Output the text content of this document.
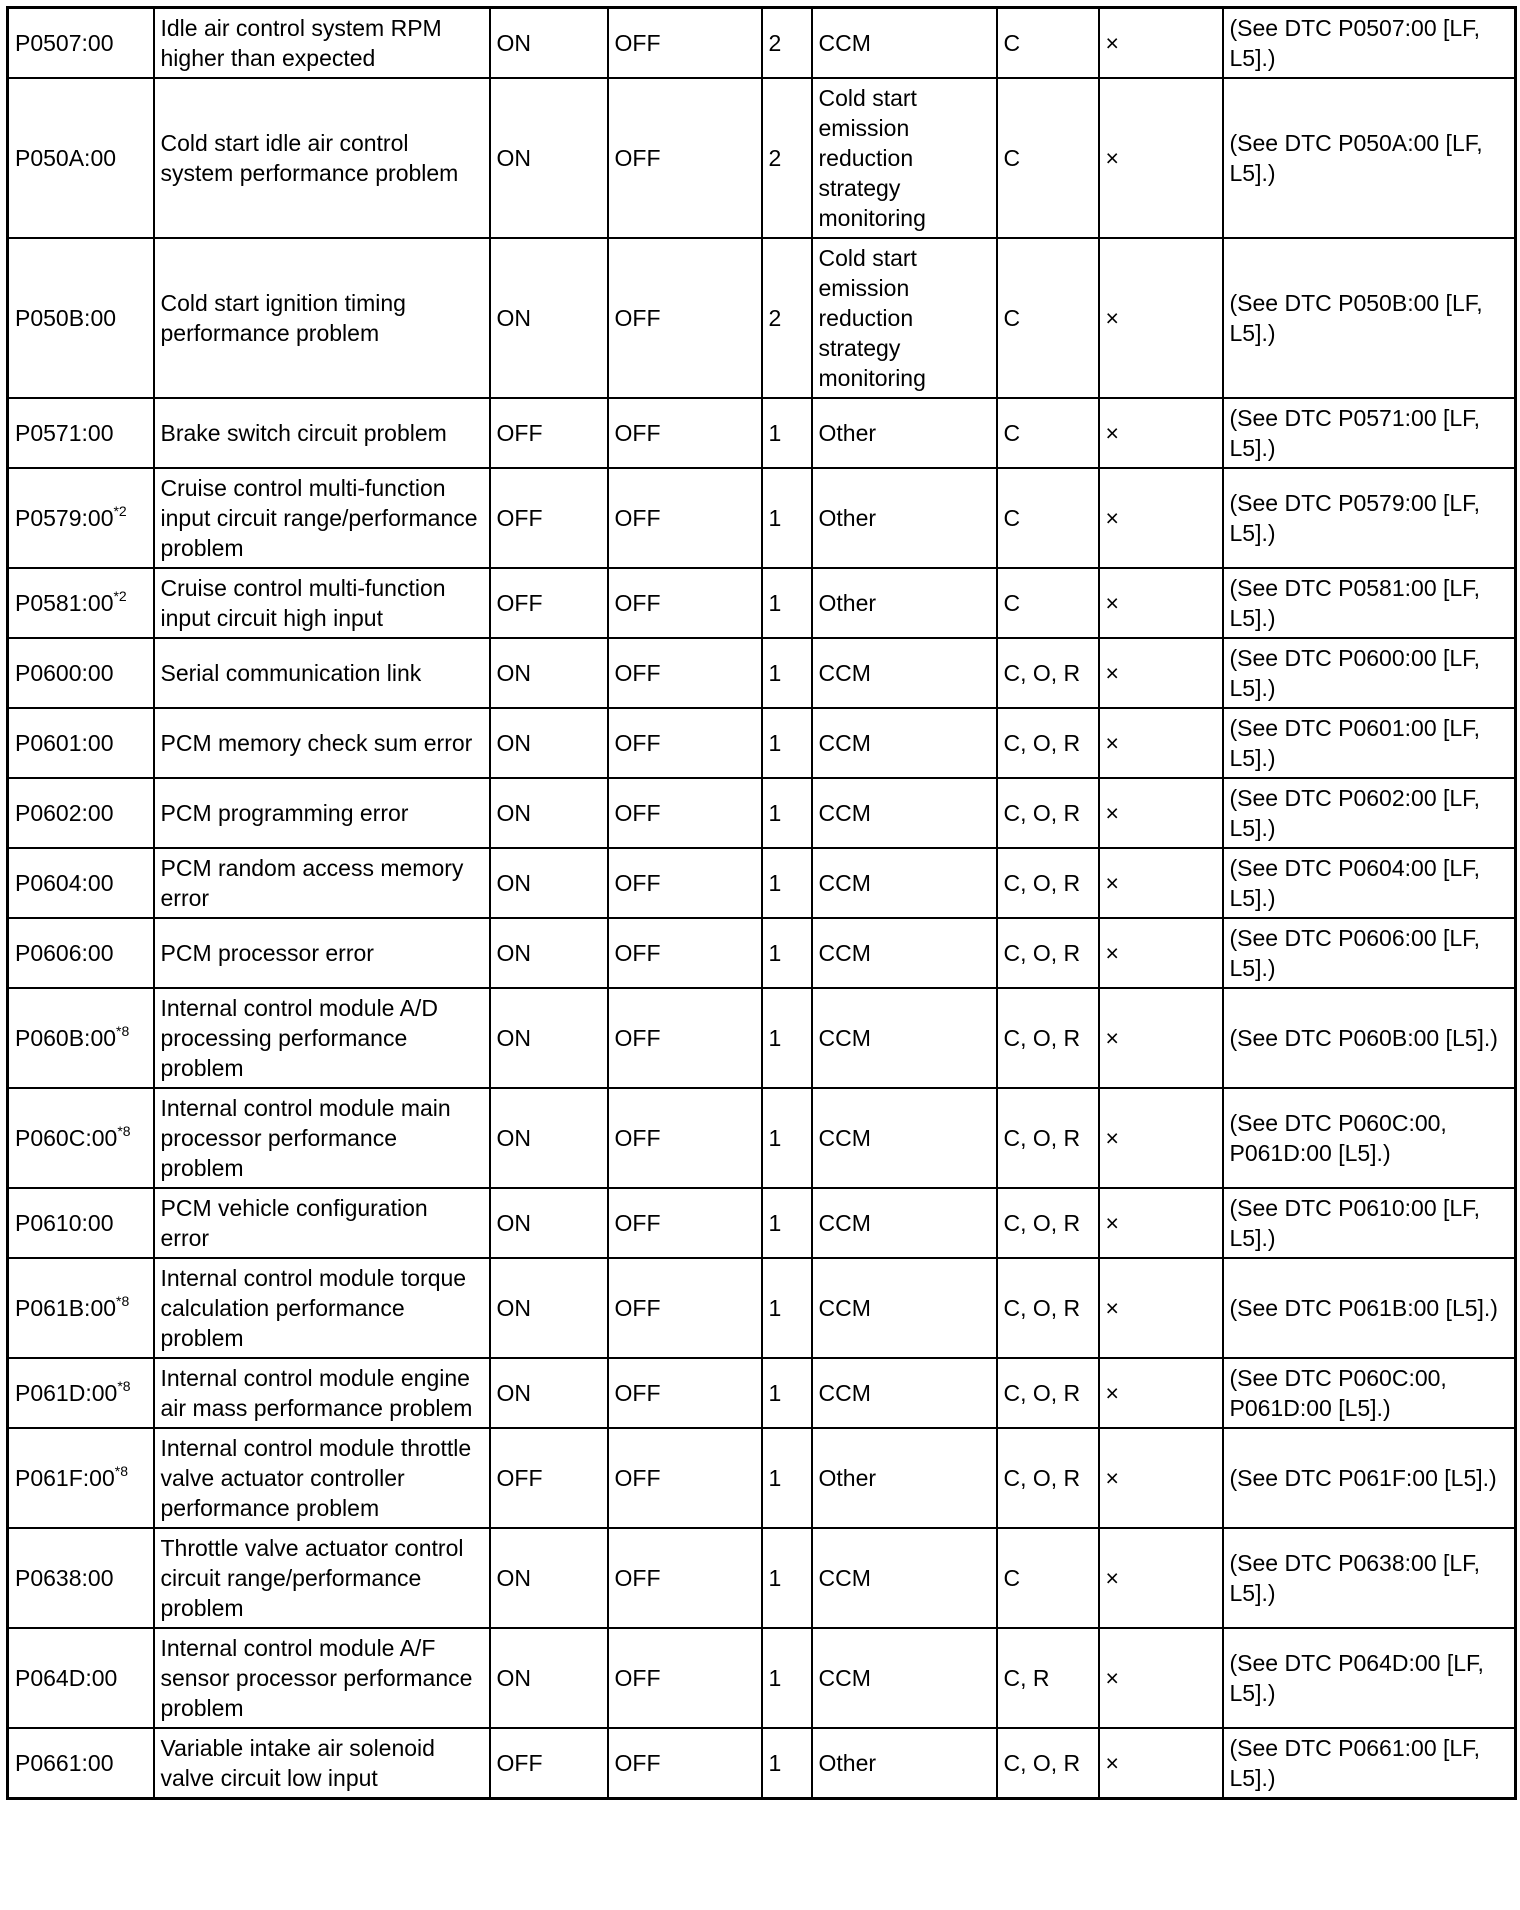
P0507:00	Idle air control system RPM higher than expected	ON	OFF	2	CCM	C	×	(See DTC P0507:00 [LF, L5].)
P050A:00	Cold start idle air control system performance problem	ON	OFF	2	Cold start emission reduction strategy monitoring	C	×	(See DTC P050A:00 [LF, L5].)
P050B:00	Cold start ignition timing performance problem	ON	OFF	2	Cold start emission reduction strategy monitoring	C	×	(See DTC P050B:00 [LF, L5].)
P0571:00	Brake switch circuit problem	OFF	OFF	1	Other	C	×	(See DTC P0571:00 [LF, L5].)
P0579:00$^{*2}$	Cruise control multi-function input circuit range/performance problem	OFF	OFF	1	Other	C	×	(See DTC P0579:00 [LF, L5].)
P0581:00$^{*2}$	Cruise control multi-function input circuit high input	OFF	OFF	1	Other	C	×	(See DTC P0581:00 [LF, L5].)
P0600:00	Serial communication link	ON	OFF	1	CCM	C, O, R	×	(See DTC P0600:00 [LF, L5].)
P0601:00	PCM memory check sum error	ON	OFF	1	CCM	C, O, R	×	(See DTC P0601:00 [LF, L5].)
P0602:00	PCM programming error	ON	OFF	1	CCM	C, O, R	×	(See DTC P0602:00 [LF, L5].)
P0604:00	PCM random access memory error	ON	OFF	1	CCM	C, O, R	×	(See DTC P0604:00 [LF, L5].)
P0606:00	PCM processor error	ON	OFF	1	CCM	C, O, R	×	(See DTC P0606:00 [LF, L5].)
P060B:00$^{*8}$	Internal control module A/D processing performance problem	ON	OFF	1	CCM	C, O, R	×	(See DTC P060B:00 [L5].)
P060C:00$^{*8}$	Internal control module main processor performance problem	ON	OFF	1	CCM	C, O, R	×	(See DTC P060C:00, P061D:00 [L5].)
P0610:00	PCM vehicle configuration error	ON	OFF	1	CCM	C, O, R	×	(See DTC P0610:00 [LF, L5].)
P061B:00$^{*8}$	Internal control module torque calculation performance problem	ON	OFF	1	CCM	C, O, R	×	(See DTC P061B:00 [L5].)
P061D:00$^{*8}$	Internal control module engine air mass performance problem	ON	OFF	1	CCM	C, O, R	×	(See DTC P060C:00, P061D:00 [L5].)
P061F:00$^{*8}$	Internal control module throttle valve actuator controller performance problem	OFF	OFF	1	Other	C, O, R	×	(See DTC P061F:00 [L5].)
P0638:00	Throttle valve actuator control circuit range/performance problem	ON	OFF	1	CCM	C	×	(See DTC P0638:00 [LF, L5].)
P064D:00	Internal control module A/F sensor processor performance problem	ON	OFF	1	CCM	C, R	×	(See DTC P064D:00 [LF, L5].)
P0661:00	Variable intake air solenoid valve circuit low input	OFF	OFF	1	Other	C, O, R	×	(See DTC P0661:00 [LF, L5].)
